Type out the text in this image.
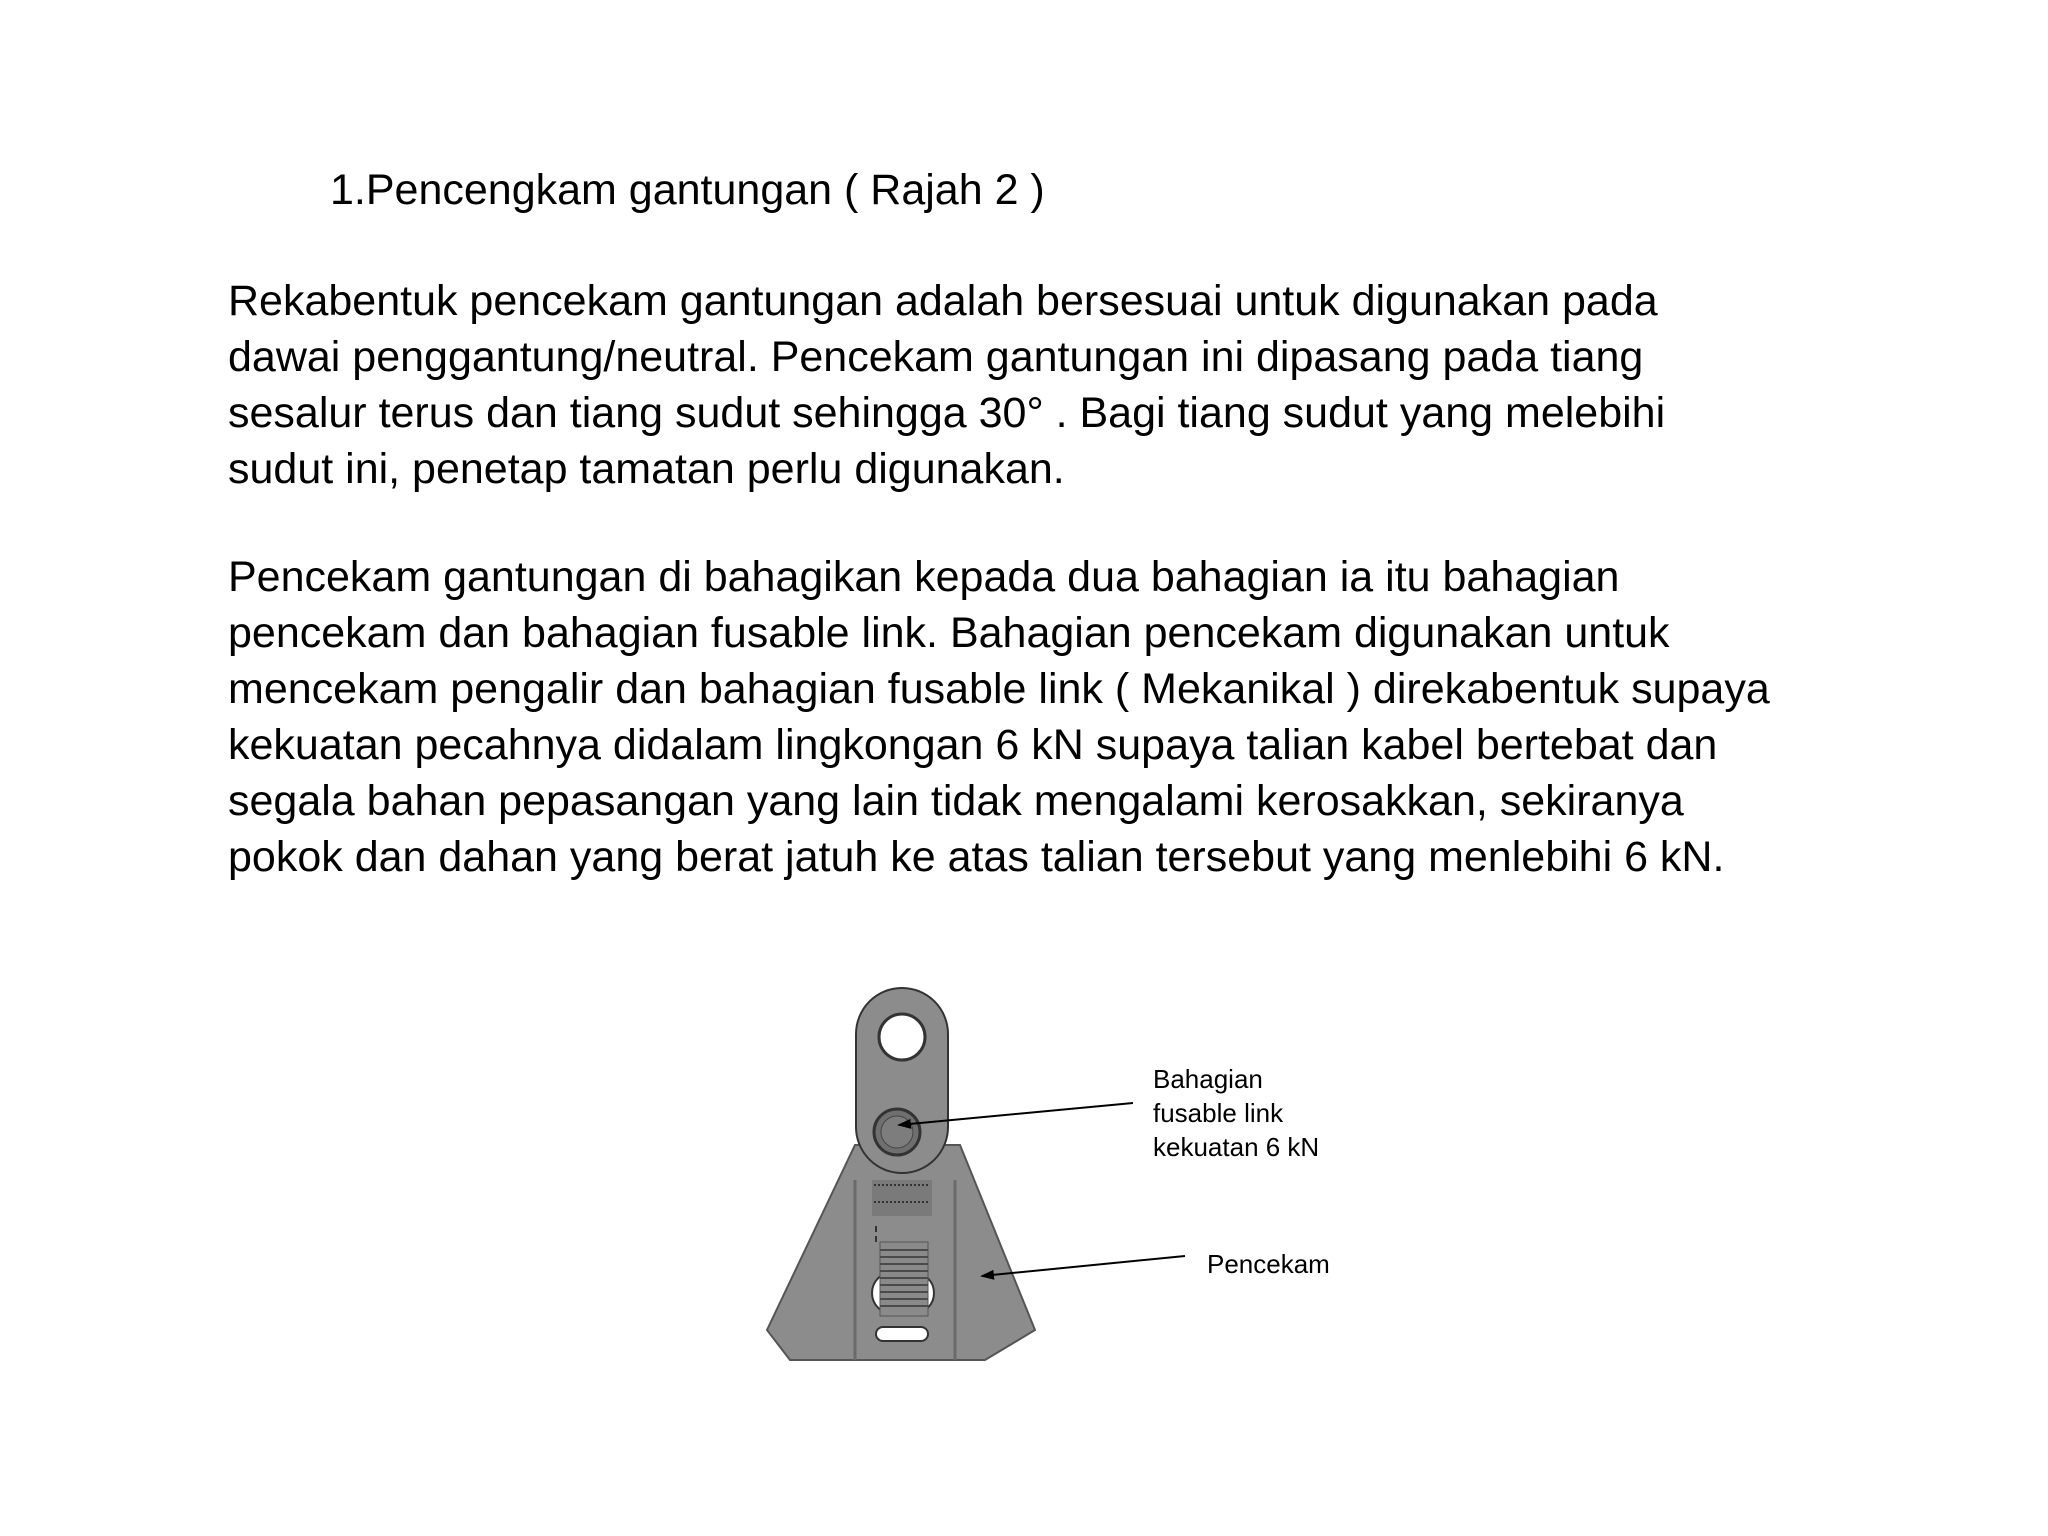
1.Pencengkam gantungan ( Rajah 2 )

Rekabentuk pencekam gantungan adalah bersesuai untuk digunakan pada
dawai penggantung/neutral. Pencekam gantungan ini dipasang pada tiang
sesalur terus dan tiang sudut sehingga 30° . Bagi tiang sudut yang melebihi
sudut ini, penetap tamatan perlu digunakan.

Pencekam gantungan di bahagikan kepada dua bahagian ia itu bahagian
pencekam dan bahagian fusable link. Bahagian pencekam digunakan untuk
mencekam pengalir dan bahagian fusable link ( Mekanikal ) direkabentuk supaya
kekuatan pecahnya didalam lingkongan 6 kN supaya talian kabel bertebat dan
segala bahan pepasangan yang lain tidak mengalami kerosakkan, sekiranya
pokok dan dahan yang berat jatuh ke atas talian tersebut yang menlebihi 6 kN.

Bahagian
fusable link
kekuatan 6 kN
Pencekam
